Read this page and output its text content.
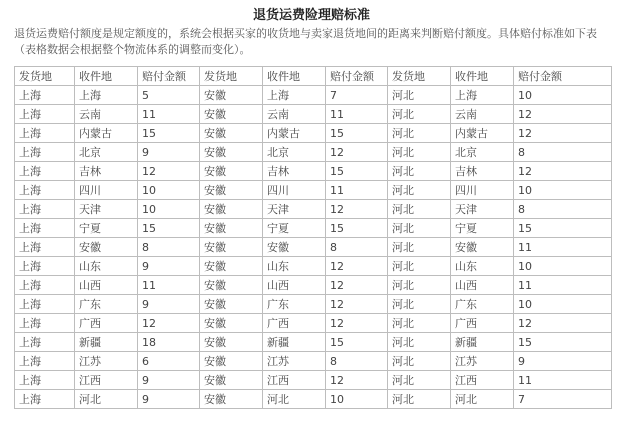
退货运费险理赔标准
退货运费赔付额度是规定额度的，系统会根据买家的收货地与卖家退货地间的距离来判断赔付额度。具体赔付标准如下表（表格数据会根据整个物流体系的调整而变化）。
发货地	收件地	赔付金额	发货地	收件地	赔付金额	发货地	收件地	赔付金额
上海	上海	5	安徽	上海	7	河北	上海	10
上海	云南	11	安徽	云南	11	河北	云南	12
上海	内蒙古	15	安徽	内蒙古	15	河北	内蒙古	12
上海	北京	9	安徽	北京	12	河北	北京	8
上海	吉林	12	安徽	吉林	15	河北	吉林	12
上海	四川	10	安徽	四川	11	河北	四川	10
上海	天津	10	安徽	天津	12	河北	天津	8
上海	宁夏	15	安徽	宁夏	15	河北	宁夏	15
上海	安徽	8	安徽	安徽	8	河北	安徽	11
上海	山东	9	安徽	山东	12	河北	山东	10
上海	山西	11	安徽	山西	12	河北	山西	11
上海	广东	9	安徽	广东	12	河北	广东	10
上海	广西	12	安徽	广西	12	河北	广西	12
上海	新疆	18	安徽	新疆	15	河北	新疆	15
上海	江苏	6	安徽	江苏	8	河北	江苏	9
上海	江西	9	安徽	江西	12	河北	江西	11
上海	河北	9	安徽	河北	10	河北	河北	7
